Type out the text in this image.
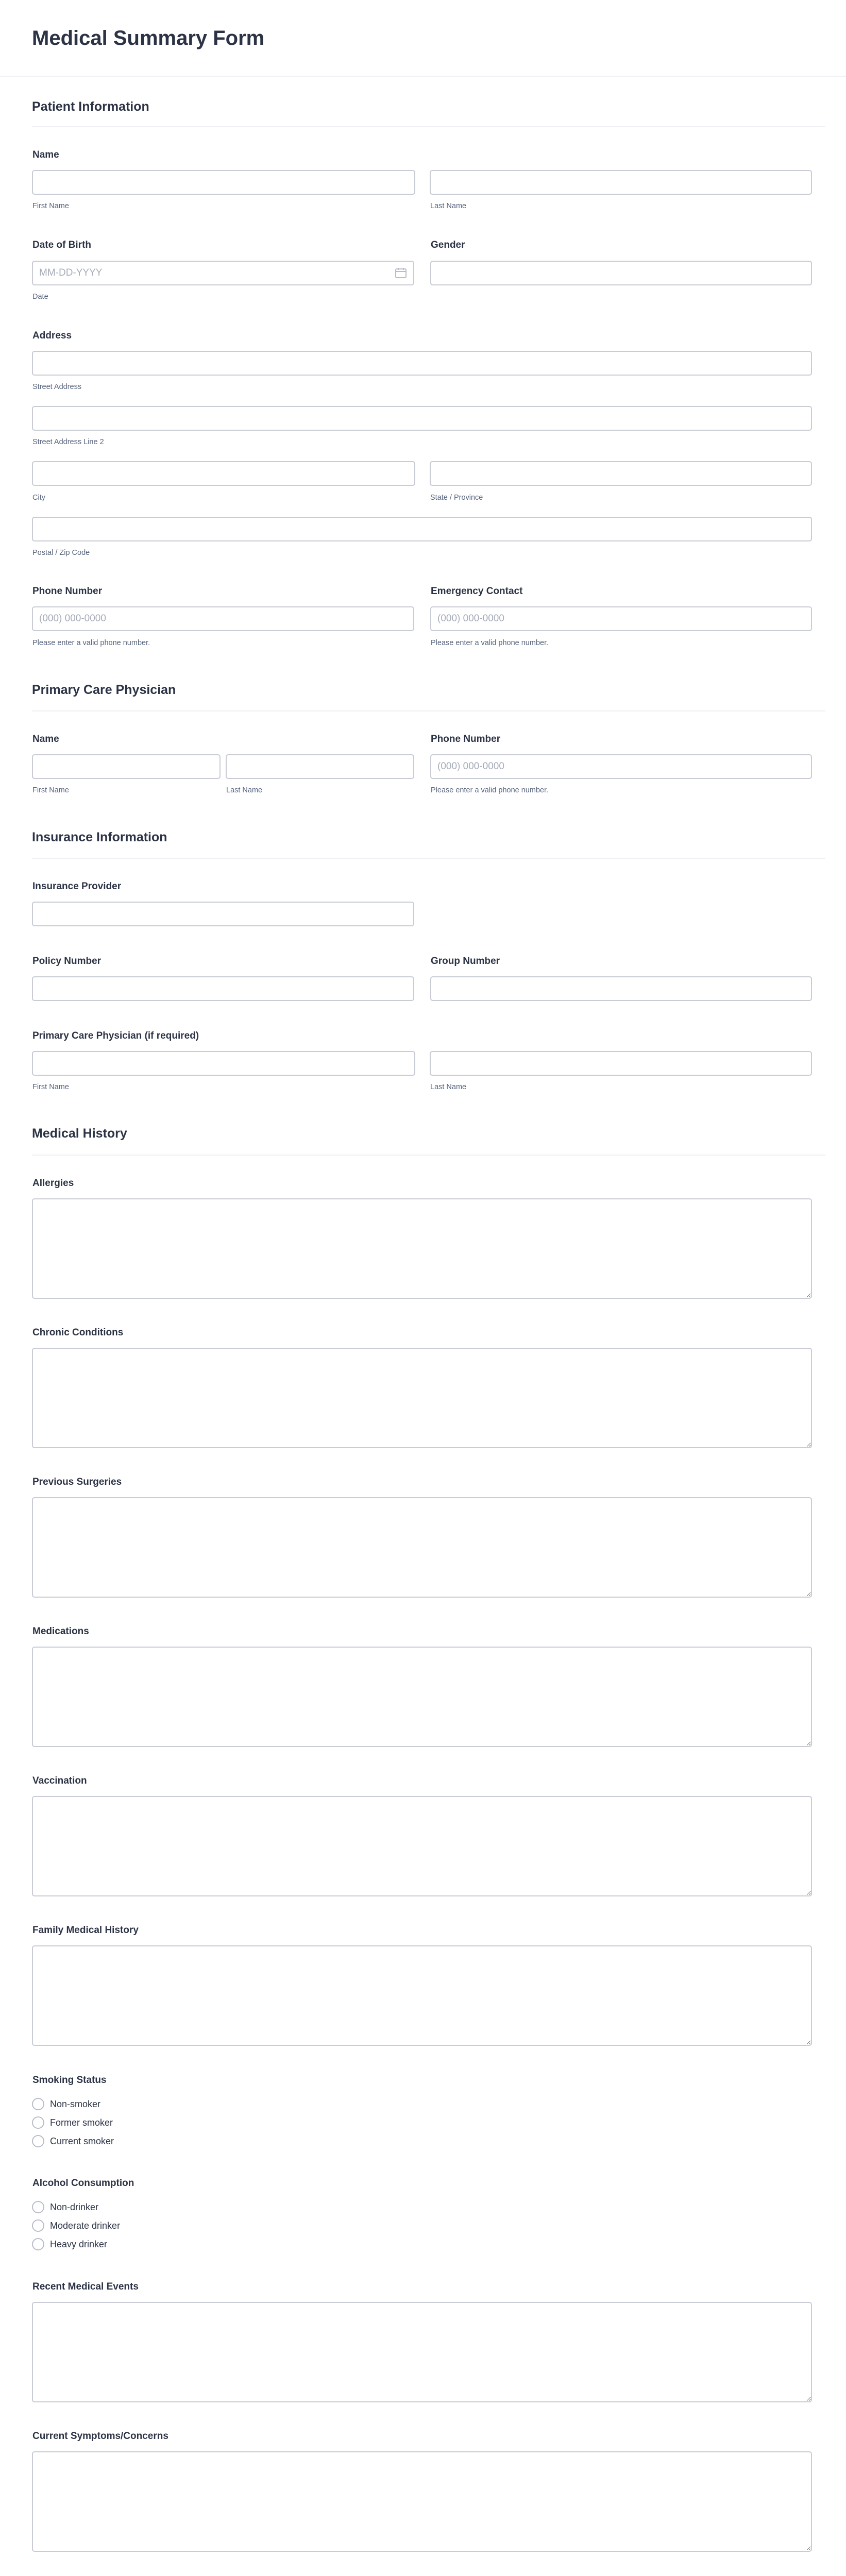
Medical Summary Form
Patient Information
Name
First Name	Last Name
Date of Birth
MM-DD-YYYY
Date
Gender
Address
Street Address
Street Address Line 2
City	State / Province
Postal / Zip Code
Phone Number
(000) 000-0000
Please enter a valid phone number.
Emergency Contact
(000) 000-0000
Please enter a valid phone number.
Primary Care Physician
Name
First Name	Last Name
Phone Number
(000) 000-0000
Please enter a valid phone number.
Insurance Information
Insurance Provider
Policy Number	Group Number
Primary Care Physician (if required)
First Name	Last Name
Medical History
Allergies
Chronic Conditions
Previous Surgeries
Medications
Vaccination
Family Medical History
Smoking Status
Non-smoker
Former smoker
Current smoker
Alcohol Consumption
Non-drinker
Moderate drinker
Heavy drinker
Recent Medical Events
Current Symptoms/Concerns
